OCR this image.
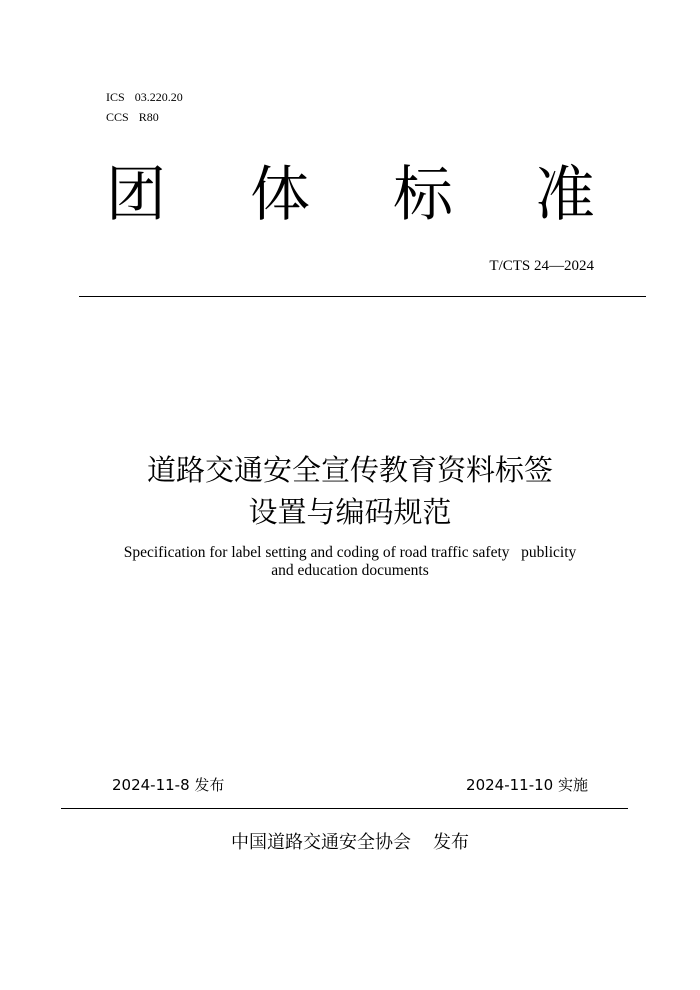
ICS 03.220.20
CCS R80
团 体 标 准
T/CTS 24—2024
道路交通安全宣传教育资料标签
设置与编码规范
Specification for label setting and coding of road traffic safety   publicity
and education documents
2024-11-8 发布	2024-11-10 实施
中国道路交通安全协会 发布
